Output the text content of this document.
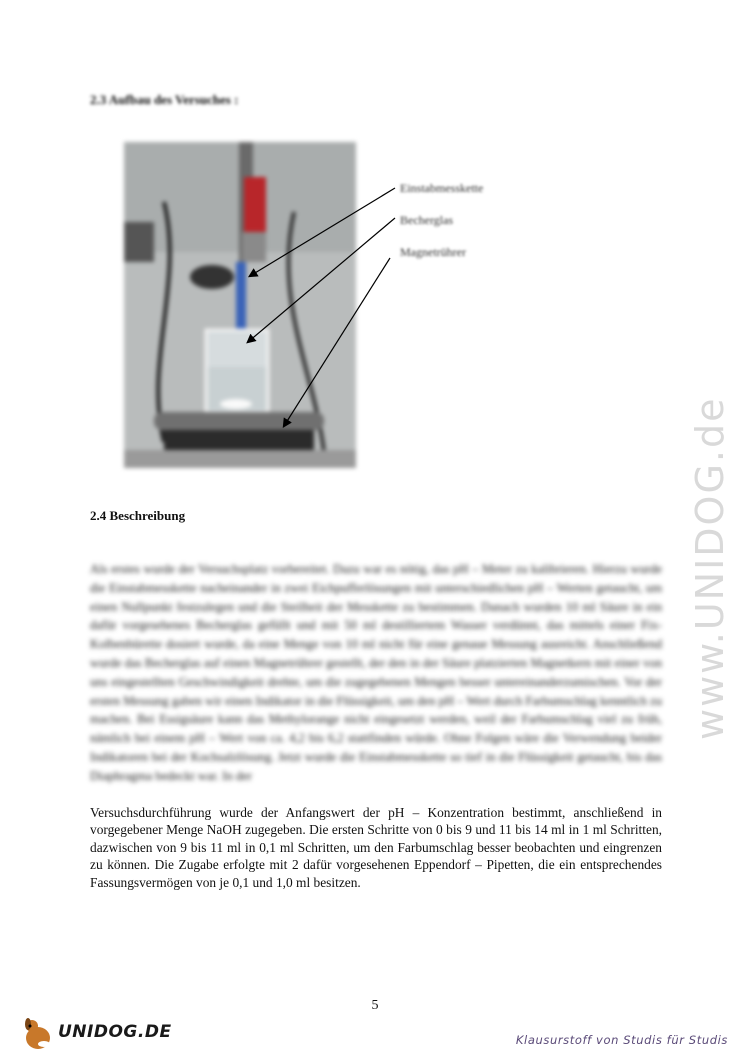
2.3 Aufbau des Versuches :
Einstabmesskette
Becherglas
Magnetrührer
www.UNIDOG.de
2.4 Beschreibung
Als erstes wurde der Versuchsplatz vorbereitet. Dazu war es nötig, das pH – Meter zu kalibrieren. Hierzu wurde die Einstabmesskette nacheinander in zwei Eichpufferlösungen mit unterschiedlichen pH – Werten getaucht, um einen Nullpunkt festzulegen und die Steilheit der Messkette zu bestimmen. Danach wurden 10 ml Säure in ein dafür vorgesehenes Becherglas gefüllt und mit 50 ml destilliertem Wasser verdünnt, das mittels einer Fix-Kolbenbürette dosiert wurde, da eine Menge von 10 ml nicht für eine genaue Messung ausreicht. Anschließend wurde das Becherglas auf einen Magnetrührer gestellt, der den in der Säure platzierten Magnetkern mit einer von uns eingestellten Geschwindigkeit drehte, um die zugegebenen Mengen besser untereinanderzumischen. Vor der ersten Messung gaben wir einen Indikator in die Flüssigkeit, um den pH – Wert durch Farbumschlag kenntlich zu machen. Bei Essigsäure kann das Methylorange nicht eingesetzt werden, weil der Farbumschlag viel zu früh, nämlich bei einem pH – Wert von ca. 4,2 bis 6,2 stattfinden würde. Ohne Folgen wäre die Verwendung beider Indikatoren bei der Kochsalzlösung. Jetzt wurde die Einstabmesskette so tief in die Flüssigkeit getaucht, bis das Diaphragma bedeckt war. In der
Versuchsdurchführung wurde der Anfangswert der pH – Konzentration bestimmt, anschließend in vorgegebener Menge NaOH zugegeben. Die ersten Schritte von 0 bis 9 und 11 bis 14 ml in 1 ml Schritten, dazwischen von 9 bis 11 ml in 0,1 ml Schritten, um den Farbumschlag besser beobachten und eingrenzen zu können. Die Zugabe erfolgte mit 2 dafür vorgesehenen Eppendorf – Pipetten, die ein entsprechendes Fassungsvermögen von je 0,1 und 1,0 ml besitzen.
5
UNIDOG.DE	Klausurstoff von Studis für Studis
